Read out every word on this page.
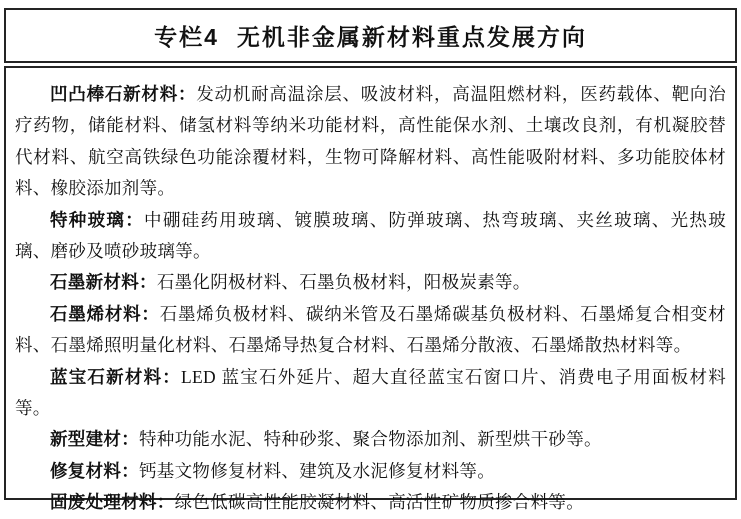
专栏4 无机非金属新材料重点发展方向

凹凸棒石新材料：发动机耐高温涂层、吸波材料，高温阻燃材料，医药载体、靶向治疗药物，储能材料、储氢材料等纳米功能材料，高性能保水剂、土壤改良剂，有机凝胶替代材料、航空高铁绿色功能涂覆材料，生物可降解材料、高性能吸附材料、多功能胶体材料、橡胶添加剂等。

特种玻璃：中硼硅药用玻璃、镀膜玻璃、防弹玻璃、热弯玻璃、夹丝玻璃、光热玻璃、磨砂及喷砂玻璃等。

石墨新材料：石墨化阴极材料、石墨负极材料，阳极炭素等。

石墨烯材料：石墨烯负极材料、碳纳米管及石墨烯碳基负极材料、石墨烯复合相变材料、石墨烯照明量化材料、石墨烯导热复合材料、石墨烯分散液、石墨烯散热材料等。

蓝宝石新材料：LED 蓝宝石外延片、超大直径蓝宝石窗口片、消费电子用面板材料等。

新型建材：特种功能水泥、特种砂浆、聚合物添加剂、新型烘干砂等。

修复材料：钙基文物修复材料、建筑及水泥修复材料等。

固废处理材料：绿色低碳高性能胶凝材料、高活性矿物质掺合料等。
